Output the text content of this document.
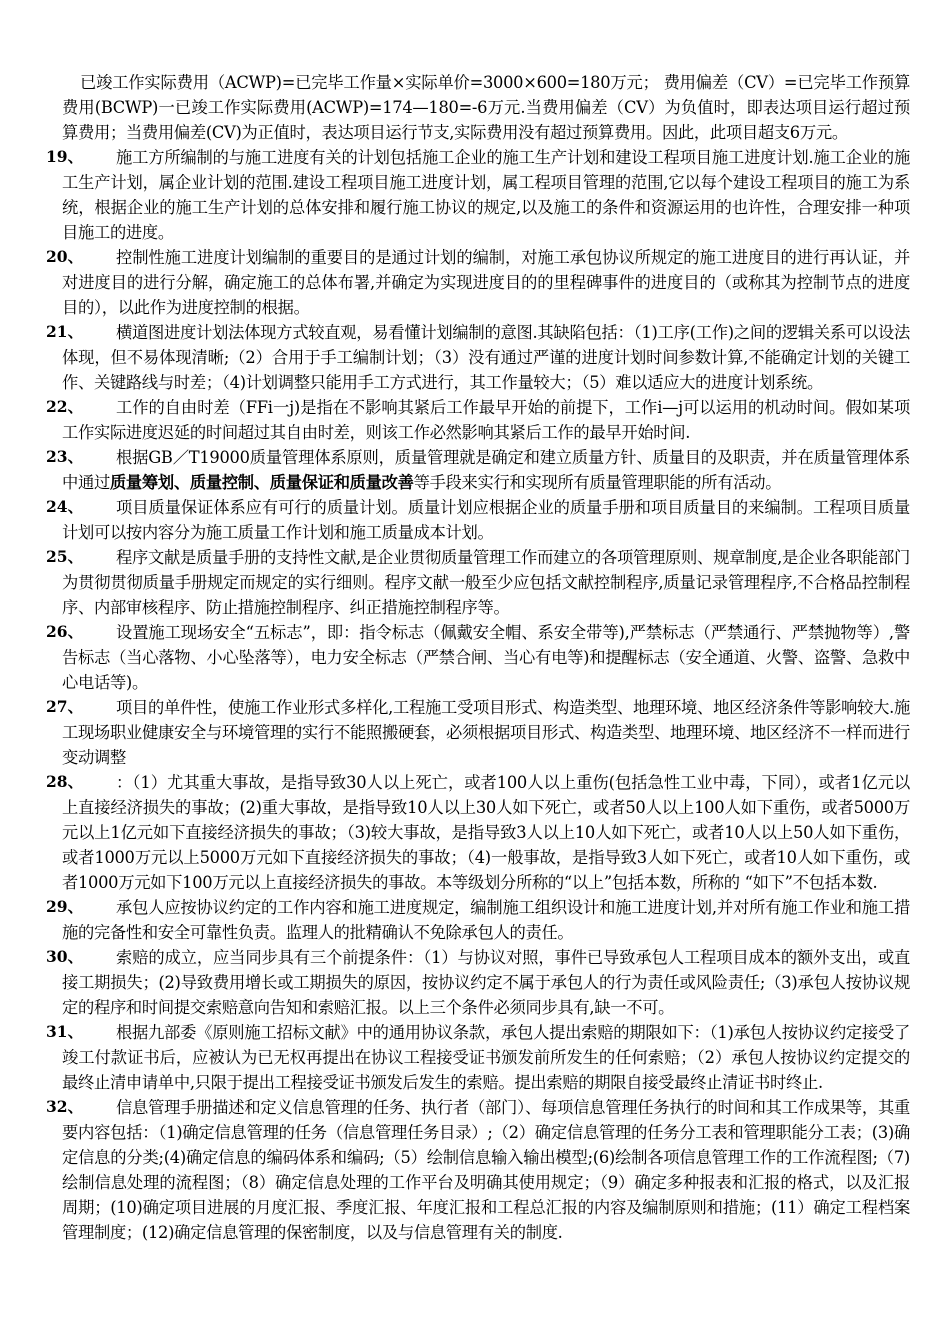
已竣工作实际费用（ACWP)=已完毕工作量×实际单价=3000×600=180万元； 费用偏差（CV）=已完毕工作预算费用(BCWP)一已竣工作实际费用(ACWP)=174—180=-6万元.当费用偏差（CV）为负值时，即表达项目运行超过预算费用；当费用偏差(CV)为正值时，表达项目运行节支,实际费用没有超过预算费用。因此，此项目超支6万元。

19、	施工方所编制的与施工进度有关的计划包括施工企业的施工生产计划和建设工程项目施工进度计划.施工企业的施工生产计划，属企业计划的范围.建设工程项目施工进度计划，属工程项目管理的范围,它以每个建设工程项目的施工为系统，根据企业的施工生产计划的总体安排和履行施工协议的规定,以及施工的条件和资源运用的也许性，合理安排一种项目施工的进度。

20、	控制性施工进度计划编制的重要目的是通过计划的编制，对施工承包协议所规定的施工进度目的进行再认证，并对进度目的进行分解，确定施工的总体布署,并确定为实现进度目的的里程碑事件的进度目的（或称其为控制节点的进度目的），以此作为进度控制的根据。

21、	横道图进度计划法体现方式较直观，易看懂计划编制的意图.其缺陷包括：（1)工序(工作)之间的逻辑关系可以设法体现，但不易体现清晰;（2）合用于手工编制计划；（3）没有通过严谨的进度计划时间参数计算,不能确定计划的关键工作、关键路线与时差；（4)计划调整只能用手工方式进行，其工作量较大；（5）难以适应大的进度计划系统。

22、	工作的自由时差（FFi一j)是指在不影响其紧后工作最早开始的前提下，工作i—j可以运用的机动时间。假如某项工作实际进度迟延的时间超过其自由时差，则该工作必然影响其紧后工作的最早开始时间.

23、	根据GB／T19000质量管理体系原则，质量管理就是确定和建立质量方针、质量目的及职责，并在质量管理体系中通过质量筹划、质量控制、质量保证和质量改善等手段来实行和实现所有质量管理职能的所有活动。

24、	项目质量保证体系应有可行的质量计划。质量计划应根据企业的质量手册和项目质量目的来编制。工程项目质量计划可以按内容分为施工质量工作计划和施工质量成本计划。

25、	程序文献是质量手册的支持性文献,是企业贯彻质量管理工作而建立的各项管理原则、规章制度,是企业各职能部门为贯彻贯彻质量手册规定而规定的实行细则。程序文献一般至少应包括文献控制程序,质量记录管理程序,不合格品控制程序、内部审核程序、防止措施控制程序、纠正措施控制程序等。

26、	设置施工现场安全“五标志”，即：指令标志（佩戴安全帽、系安全带等),严禁标志（严禁通行、严禁抛物等）,警告标志（当心落物、小心坠落等），电力安全标志（严禁合闸、当心有电等)和提醒标志（安全通道、火警、盗警、急救中心电话等)。

27、	项目的单件性，使施工作业形式多样化,工程施工受项目形式、构造类型、地理环境、地区经济条件等影响较大.施工现场职业健康安全与环境管理的实行不能照搬硬套，必须根据项目形式、构造类型、地理环境、地区经济不一样而进行变动调整

28、	：（1）尤其重大事故，是指导致30人以上死亡，或者100人以上重伤(包括急性工业中毒，下同），或者1亿元以上直接经济损失的事故；(2)重大事故，是指导致10人以上30人如下死亡，或者50人以上100人如下重伤，或者5000万元以上1亿元如下直接经济损失的事故；（3)较大事故，是指导致3人以上10人如下死亡，或者10人以上50人如下重伤，或者1000万元以上5000万元如下直接经济损失的事故；（4)一般事故，是指导致3人如下死亡，或者10人如下重伤，或者1000万元如下100万元以上直接经济损失的事故。本等级划分所称的“以上”包括本数，所称的 “如下”不包括本数.

29、	承包人应按协议约定的工作内容和施工进度规定，编制施工组织设计和施工进度计划,并对所有施工作业和施工措施的完备性和安全可靠性负责。监理人的批精确认不免除承包人的责任。

30、	索赔的成立，应当同步具有三个前提条件：（1）与协议对照，事件已导致承包人工程项目成本的额外支出，或直接工期损失；(2)导致费用增长或工期损失的原因，按协议约定不属于承包人的行为责任或风险责任;（3)承包人按协议规定的程序和时间提交索赔意向告知和索赔汇报。以上三个条件必须同步具有,缺一不可。

31、	根据九部委《原则施工招标文献》中的通用协议条款，承包人提出索赔的期限如下：（1)承包人按协议约定接受了竣工付款证书后，应被认为已无权再提出在协议工程接受证书颁发前所发生的任何索赔；（2）承包人按协议约定提交的最终止清申请单中,只限于提出工程接受证书颁发后发生的索赔。提出索赔的期限自接受最终止清证书时终止.

32、	信息管理手册描述和定义信息管理的任务、执行者（部门）、每项信息管理任务执行的时间和其工作成果等，其重要内容包括：（1)确定信息管理的任务（信息管理任务目录）;（2）确定信息管理的任务分工表和管理职能分工表；(3)确定信息的分类;(4)确定信息的编码体系和编码;（5）绘制信息输入输出模型;(6)绘制各项信息管理工作的工作流程图;（7)绘制信息处理的流程图；（8）确定信息处理的工作平台及明确其使用规定；（9）确定多种报表和汇报的格式，以及汇报周期；(10)确定项目进展的月度汇报、季度汇报、年度汇报和工程总汇报的内容及编制原则和措施；(11）确定工程档案管理制度；(12)确定信息管理的保密制度，以及与信息管理有关的制度.
